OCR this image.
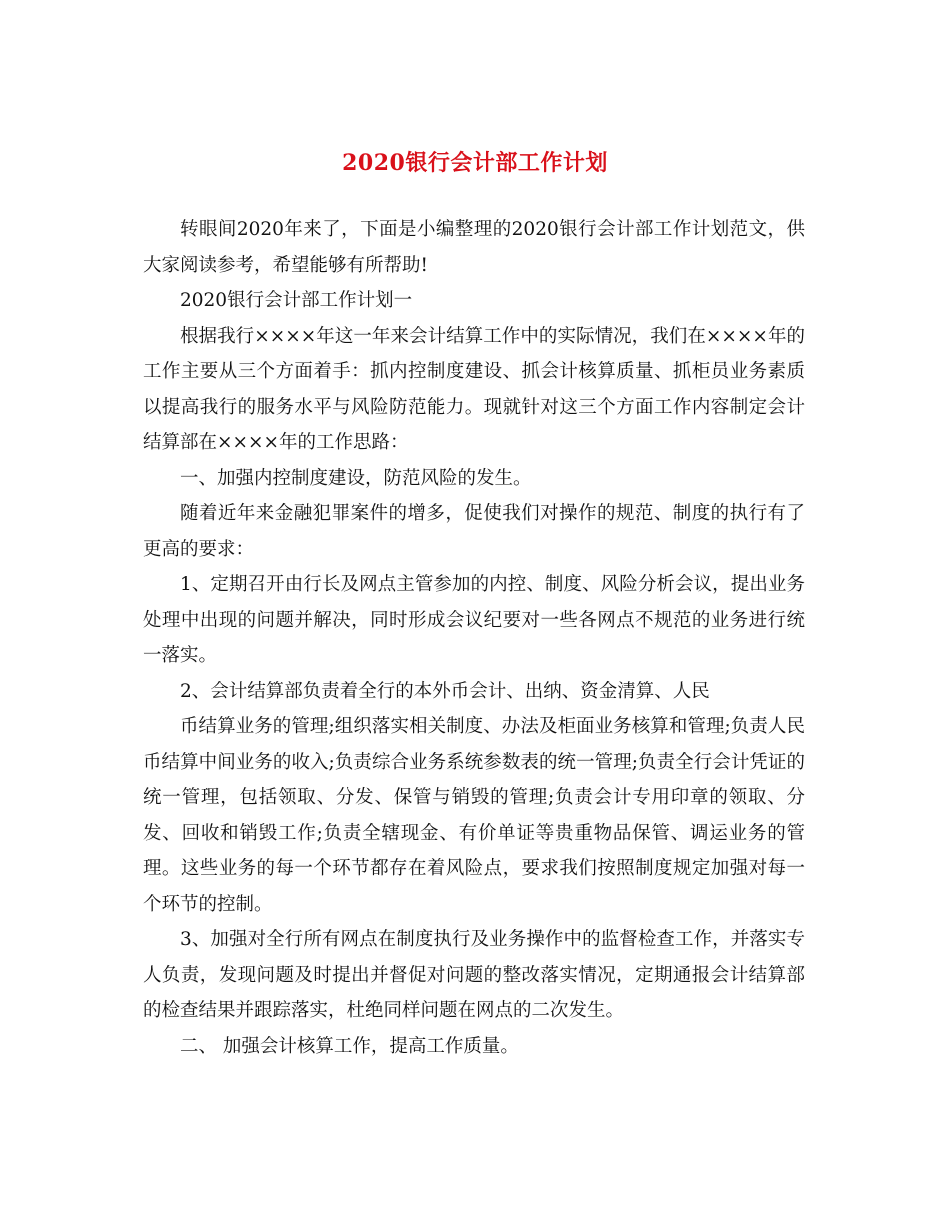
2020银行会计部工作计划

转眼间2020年来了，下面是小编整理的2020银行会计部工作计划范文，供大家阅读参考，希望能够有所帮助!

2020银行会计部工作计划一

根据我行××××年这一年来会计结算工作中的实际情况，我们在××××年的工作主要从三个方面着手：抓内控制度建设、抓会计核算质量、抓柜员业务素质以提高我行的服务水平与风险防范能力。现就针对这三个方面工作内容制定会计结算部在××××年的工作思路：

一、加强内控制度建设，防范风险的发生。

随着近年来金融犯罪案件的增多，促使我们对操作的规范、制度的执行有了更高的要求：

1、定期召开由行长及网点主管参加的内控、制度、风险分析会议，提出业务处理中出现的问题并解决，同时形成会议纪要对一些各网点不规范的业务进行统一落实。

2、会计结算部负责着全行的本外币会计、出纳、资金清算、人民

币结算业务的管理;组织落实相关制度、办法及柜面业务核算和管理;负责人民币结算中间业务的收入;负责综合业务系统参数表的统一管理;负责全行会计凭证的统一管理，包括领取、分发、保管与销毁的管理;负责会计专用印章的领取、分发、回收和销毁工作;负责全辖现金、有价单证等贵重物品保管、调运业务的管理。这些业务的每一个环节都存在着风险点，要求我们按照制度规定加强对每一个环节的控制。

3、加强对全行所有网点在制度执行及业务操作中的监督检查工作，并落实专人负责，发现问题及时提出并督促对问题的整改落实情况，定期通报会计结算部的检查结果并跟踪落实，杜绝同样问题在网点的二次发生。

二、 加强会计核算工作，提高工作质量。
